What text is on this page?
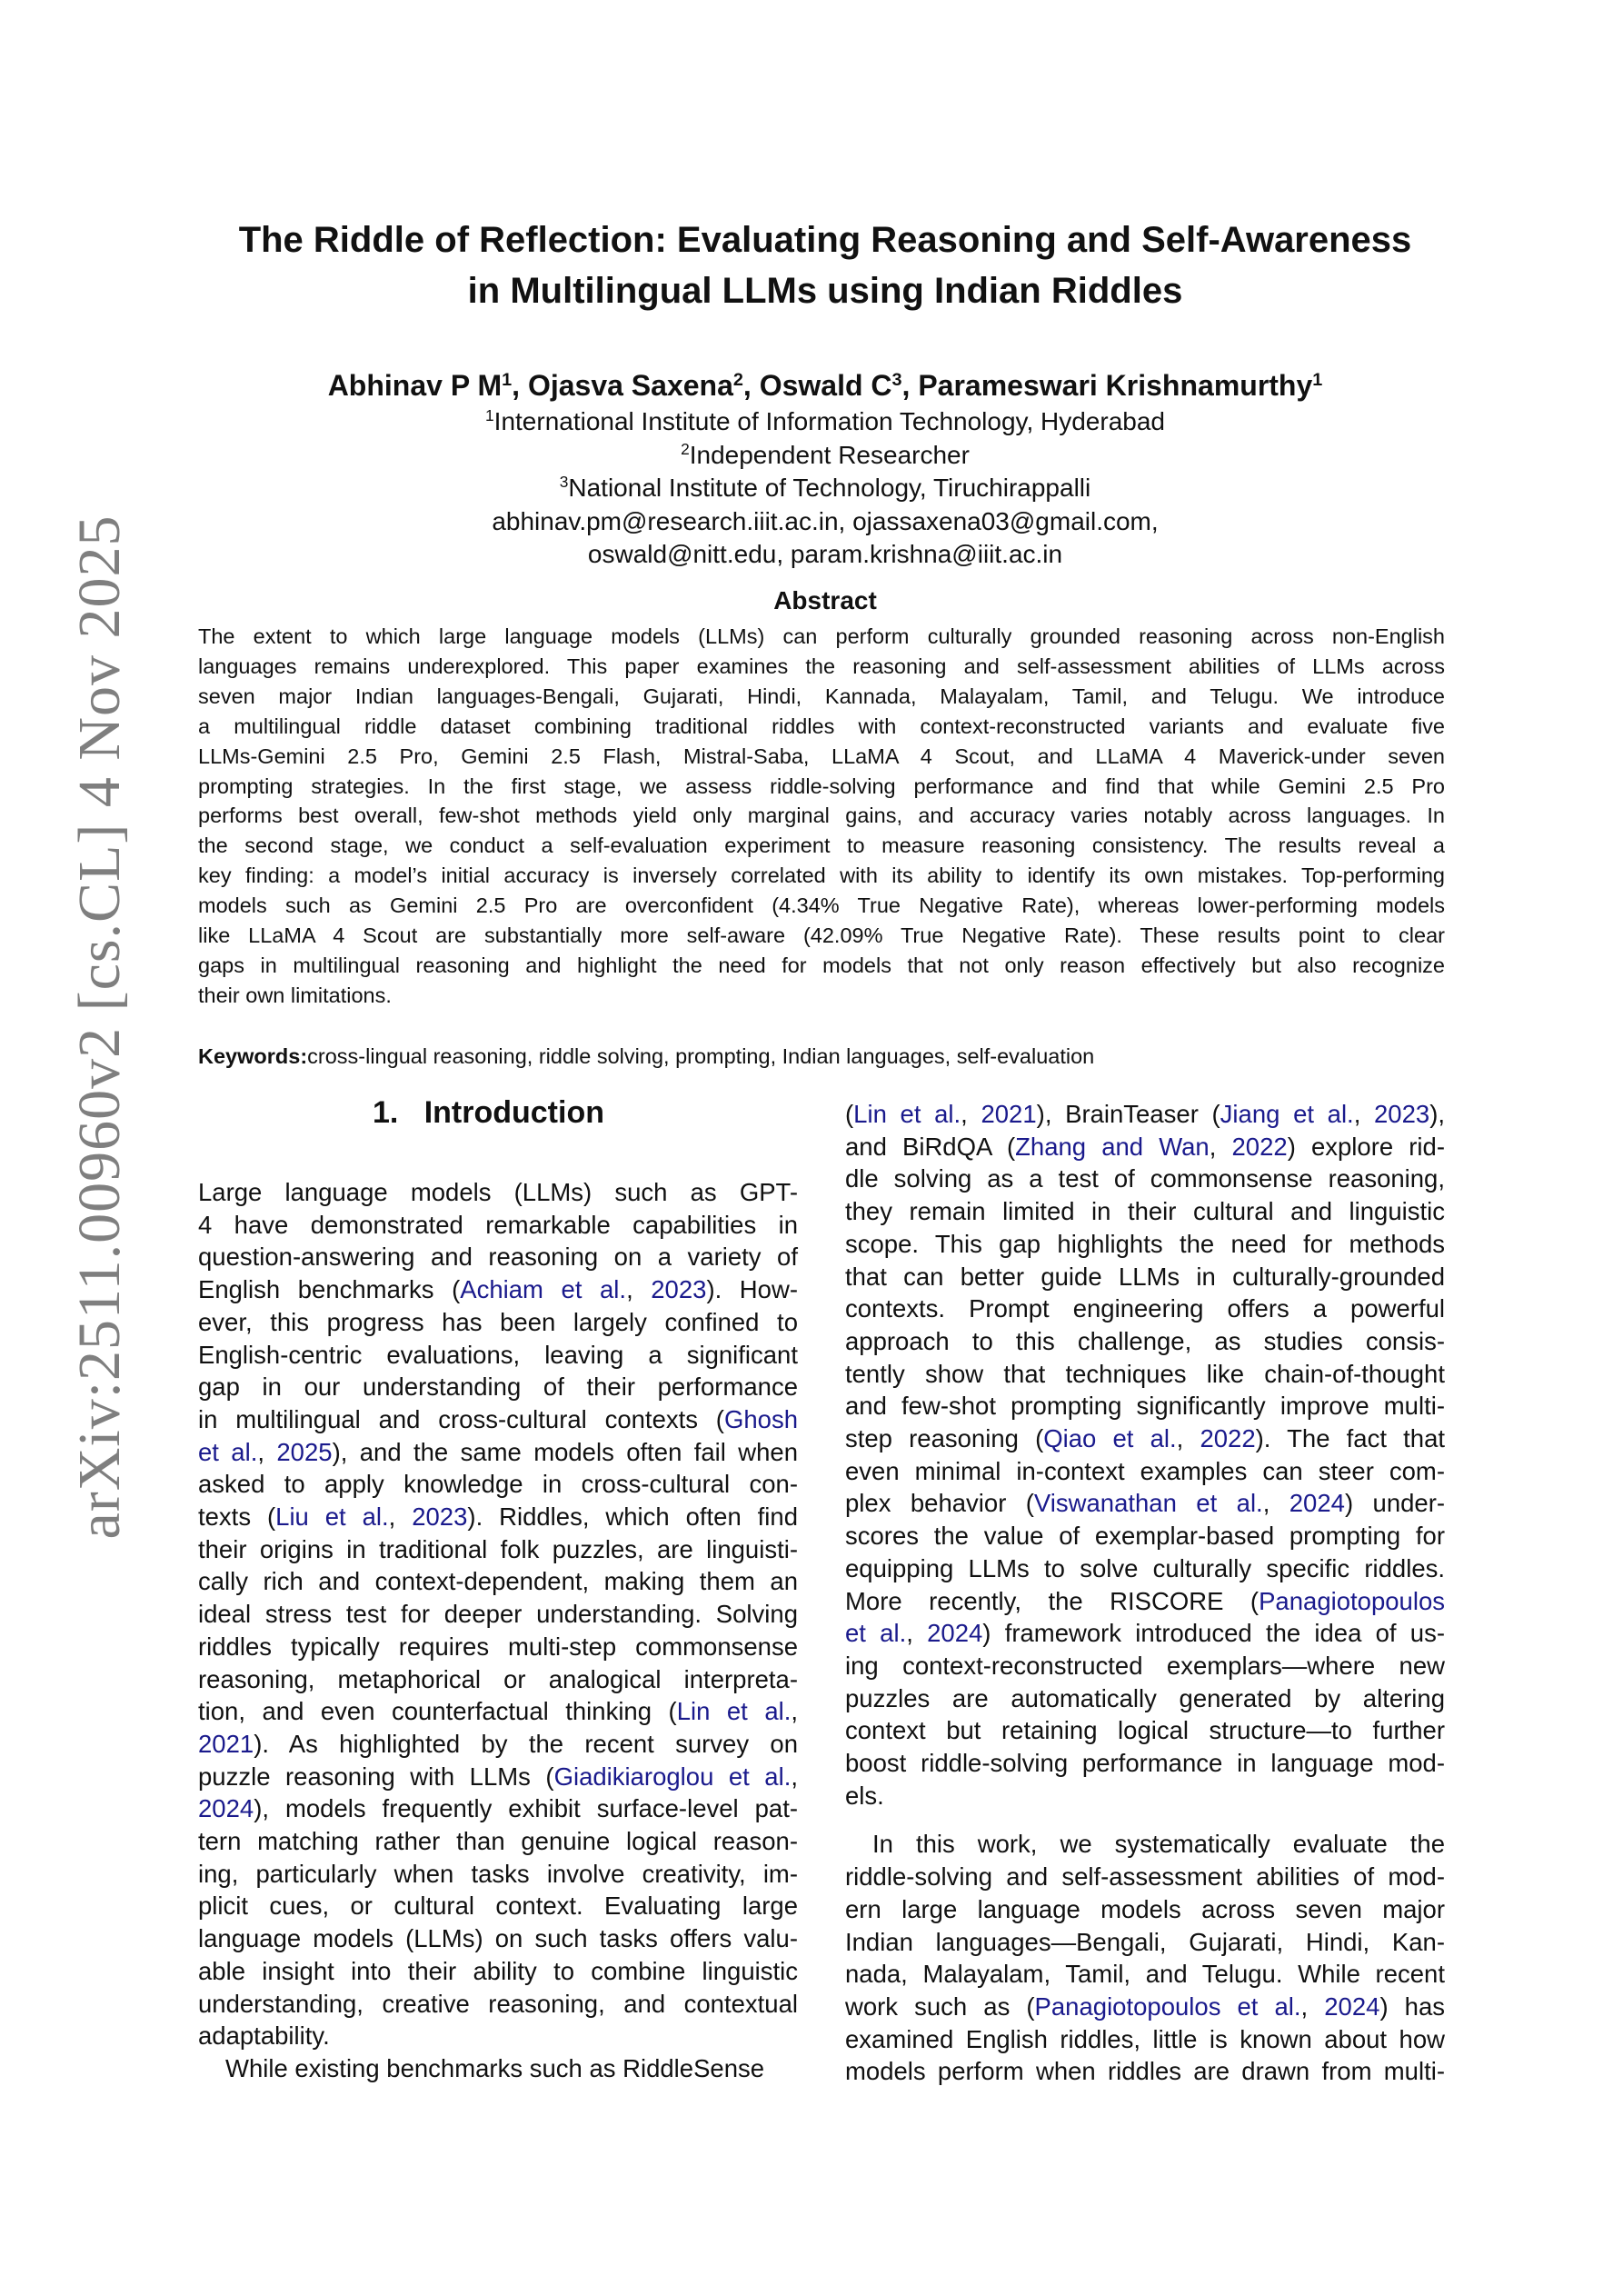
arXiv:2511.00960v2 [cs.CL] 4 Nov 2025
The Riddle of Reflection: Evaluating Reasoning and Self-Awareness
in Multilingual LLMs using Indian Riddles
Abhinav P $M^1$, Ojasva Saxena$^2$, Oswald $C^3$, Parameswari Krishnamurthy$^1$
$^1$International Institute of Information Technology, Hyderabad
$^2$Independent Researcher
$^3$National Institute of Technology, Tiruchirappalli
abhinav.pm@research.iiit.ac.in, ojassaxena03@gmail.com,
oswald@nitt.edu, param.krishna@iiit.ac.in
Abstract
The extent to which large language models (LLMs) can perform culturally grounded reasoning across non-English
languages remains underexplored. This paper examines the reasoning and self-assessment abilities of LLMs across
seven major Indian languages-Bengali, Gujarati, Hindi, Kannada, Malayalam, Tamil, and Telugu. We introduce
a multilingual riddle dataset combining traditional riddles with context-reconstructed variants and evaluate five
LLMs-Gemini 2.5 Pro, Gemini 2.5 Flash, Mistral-Saba, LLaMA 4 Scout, and LLaMA 4 Maverick-under seven
prompting strategies. In the first stage, we assess riddle-solving performance and find that while Gemini 2.5 Pro
performs best overall, few-shot methods yield only marginal gains, and accuracy varies notably across languages. In
the second stage, we conduct a self-evaluation experiment to measure reasoning consistency. The results reveal a
key finding: a model’s initial accuracy is inversely correlated with its ability to identify its own mistakes. Top-performing
models such as Gemini 2.5 Pro are overconfident (4.34% True Negative Rate), whereas lower-performing models
like LLaMA 4 Scout are substantially more self-aware (42.09% True Negative Rate). These results point to clear
gaps in multilingual reasoning and highlight the need for models that not only reason effectively but also recognize
their own limitations.
Keywords:cross-lingual reasoning, riddle solving, prompting, Indian languages, self-evaluation
1. Introduction
Large language models (LLMs) such as GPT-
4 have demonstrated remarkable capabilities in
question-answering and reasoning on a variety of
English benchmarks (Achiam et al., 2023). How-
ever, this progress has been largely confined to
English-centric evaluations, leaving a significant
gap in our understanding of their performance
in multilingual and cross-cultural contexts (Ghosh
et al., 2025), and the same models often fail when
asked to apply knowledge in cross-cultural con-
texts (Liu et al., 2023). Riddles, which often find
their origins in traditional folk puzzles, are linguisti-
cally rich and context-dependent, making them an
ideal stress test for deeper understanding. Solving
riddles typically requires multi-step commonsense
reasoning, metaphorical or analogical interpreta-
tion, and even counterfactual thinking (Lin et al.,
2021). As highlighted by the recent survey on
puzzle reasoning with LLMs (Giadikiaroglou et al.,
2024), models frequently exhibit surface-level pat-
tern matching rather than genuine logical reason-
ing, particularly when tasks involve creativity, im-
plicit cues, or cultural context. Evaluating large
language models (LLMs) on such tasks offers valu-
able insight into their ability to combine linguistic
understanding, creative reasoning, and contextual
adaptability.
While existing benchmarks such as RiddleSense
(Lin et al., 2021), BrainTeaser (Jiang et al., 2023),
and BiRdQA (Zhang and Wan, 2022) explore rid-
dle solving as a test of commonsense reasoning,
they remain limited in their cultural and linguistic
scope. This gap highlights the need for methods
that can better guide LLMs in culturally-grounded
contexts. Prompt engineering offers a powerful
approach to this challenge, as studies consis-
tently show that techniques like chain-of-thought
and few-shot prompting significantly improve multi-
step reasoning (Qiao et al., 2022). The fact that
even minimal in-context examples can steer com-
plex behavior (Viswanathan et al., 2024) under-
scores the value of exemplar-based prompting for
equipping LLMs to solve culturally specific riddles.
More recently, the RISCORE (Panagiotopoulos
et al., 2024) framework introduced the idea of us-
ing context-reconstructed exemplars—where new
puzzles are automatically generated by altering
context but retaining logical structure—to further
boost riddle-solving performance in language mod-
els.
In this work, we systematically evaluate the
riddle-solving and self-assessment abilities of mod-
ern large language models across seven major
Indian languages—Bengali, Gujarati, Hindi, Kan-
nada, Malayalam, Tamil, and Telugu. While recent
work such as (Panagiotopoulos et al., 2024) has
examined English riddles, little is known about how
models perform when riddles are drawn from multi-
